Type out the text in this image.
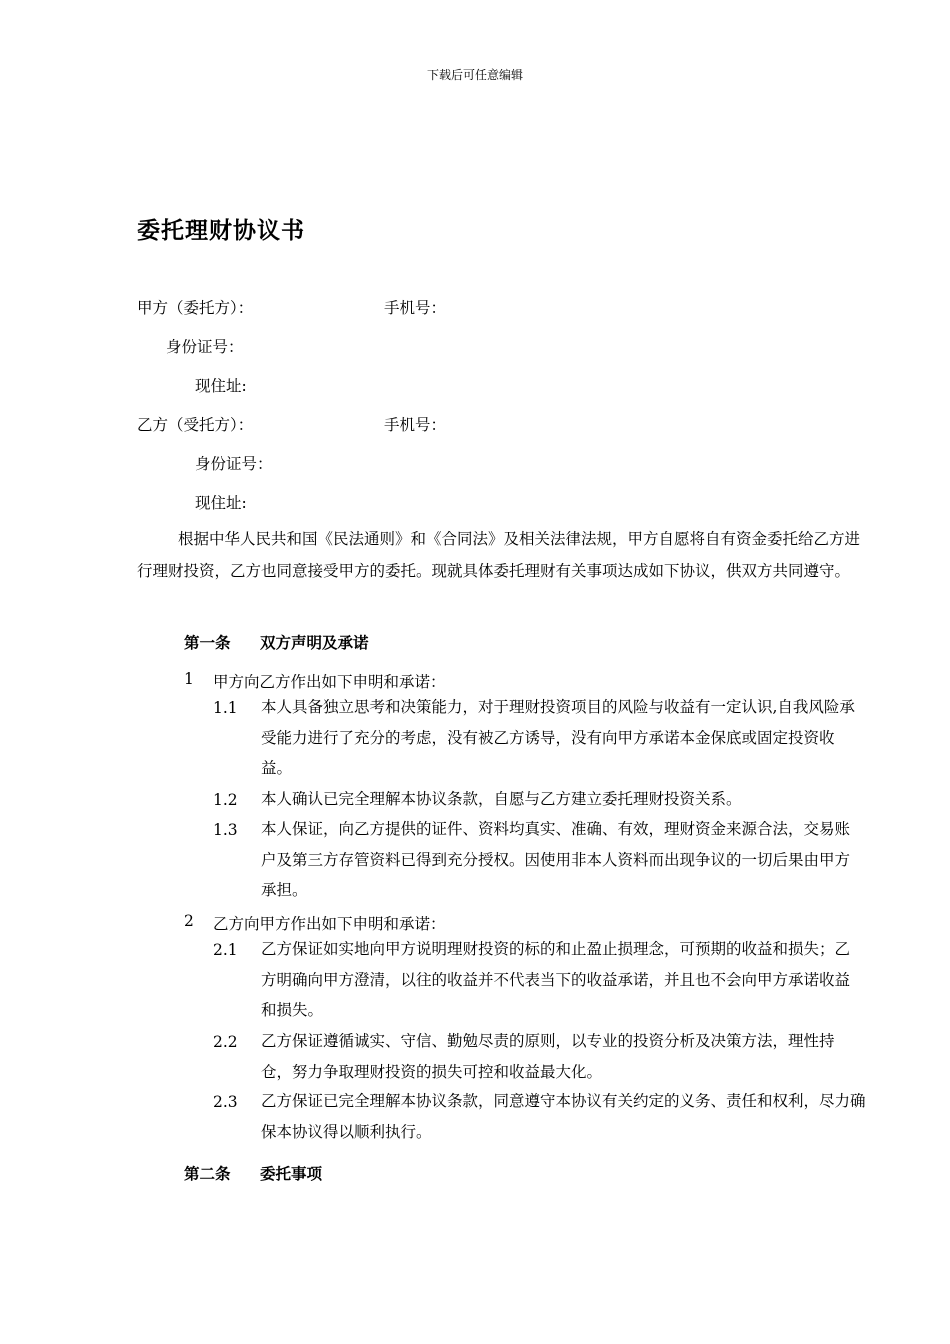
下载后可任意编辑
委托理财协议书
甲方（委托方）：	手机号：
身份证号：
现住址:
乙方（受托方）：	手机号：
身份证号：
现住址:
根据中华人民共和国《民法通则》和《合同法》及相关法律法规，甲方自愿将自有资金委托给乙方进行理财投资，乙方也同意接受甲方的委托。现就具体委托理财有关事项达成如下协议，供双方共同遵守。
第一条 双方声明及承诺
1 甲方向乙方作出如下申明和承诺：
1.1 本人具备独立思考和决策能力，对于理财投资项目的风险与收益有一定认识,自我风险承受能力进行了充分的考虑，没有被乙方诱导，没有向甲方承诺本金保底或固定投资收益。
1.2 本人确认已完全理解本协议条款，自愿与乙方建立委托理财投资关系。
1.3 本人保证，向乙方提供的证件、资料均真实、准确、有效，理财资金来源合法，交易账户及第三方存管资料已得到充分授权。因使用非本人资料而出现争议的一切后果由甲方承担。
2 乙方向甲方作出如下申明和承诺：
2.1 乙方保证如实地向甲方说明理财投资的标的和止盈止损理念，可预期的收益和损失；乙方明确向甲方澄清，以往的收益并不代表当下的收益承诺，并且也不会向甲方承诺收益和损失。
2.2 乙方保证遵循诚实、守信、勤勉尽责的原则，以专业的投资分析及决策方法，理性持仓，努力争取理财投资的损失可控和收益最大化。
2.3 乙方保证已完全理解本协议条款，同意遵守本协议有关约定的义务、责任和权利，尽力确保本协议得以顺利执行。
第二条 委托事项
